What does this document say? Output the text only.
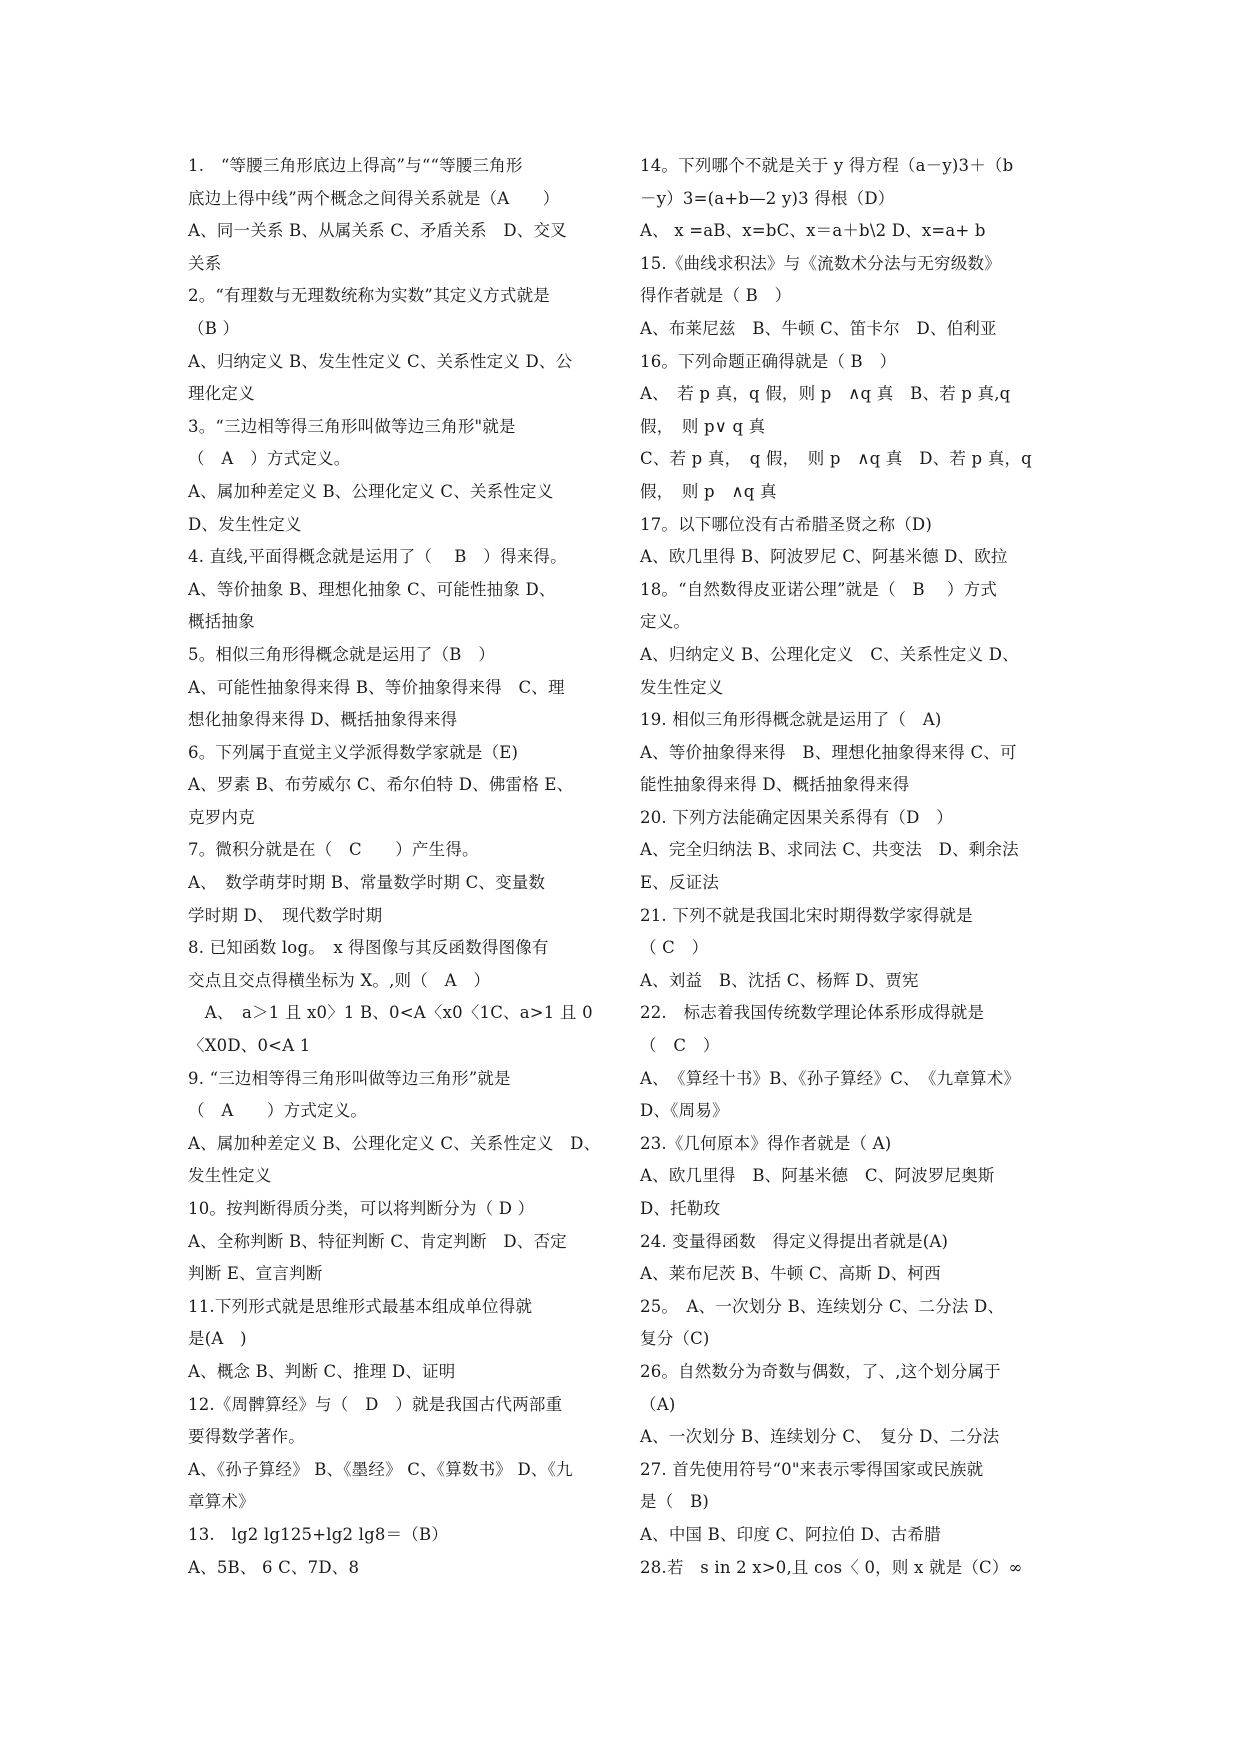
1.　“等腰三角形底边上得高”与““等腰三角形
底边上得中线”两个概念之间得关系就是（A　　）
A、同一关系 B、从属关系 C、矛盾关系　D、交叉
关系
2。“有理数与无理数统称为实数”其定义方式就是
（B ）
A、归纳定义 B、发生性定义 C、关系性定义 D、公
理化定义
3。“三边相等得三角形叫做等边三角形"就是
（　A　）方式定义。
A、属加种差定义 B、公理化定义 C、关系性定义
D、发生性定义
4. 直线,平面得概念就是运用了（　 B　）得来得。
A、等价抽象 B、理想化抽象 C、可能性抽象 D、
概括抽象
5。相似三角形得概念就是运用了（B　）
A、可能性抽象得来得 B、等价抽象得来得　C、理
想化抽象得来得 D、概括抽象得来得
6。下列属于直觉主义学派得数学家就是（E)
A、罗素 B、布劳威尔 C、希尔伯特 D、佛雷格 E、
克罗内克
7。微积分就是在（　C　　）产生得。
A、　数学萌芽时期 B、常量数学时期 C、变量数
学时期 D、　现代数学时期
8. 已知函数 log。　x 得图像与其反函数得图像有
交点且交点得横坐标为 X。,则（　A　）
　A、　a＞1 且 x0〉1 B、0<A〈x0〈1C、a>1 且 0
〈X0D、0<A 1
9. “三边相等得三角形叫做等边三角形”就是
（　A　　）方式定义。
A、属加种差定义 B、公理化定义 C、关系性定义　D、
发生性定义
10。按判断得质分类，可以将判断分为（ D ）
A、全称判断 B、特征判断 C、肯定判断　D、否定
判断 E、宣言判断
11.下列形式就是思维形式最基本组成单位得就
是(A　)
A、概念 B、判断 C、推理 D、证明
12.《周髀算经》与（　D　）就是我国古代两部重
要得数学著作。
A、《孙子算经》 B、《墨经》 C、《算数书》 D、《九
章算术》
13.　lg2 lg125+lg2 lg8＝（B）
A、5B、 6 C、7D、8
14。下列哪个不就是关于 y 得方程（a－y)3＋（b
－y）3=(a+b—2 y)3 得根（D）
A、 x =aB、x=bC、x＝a＋b\2 D、x=a+ b
15.《曲线求积法》与《流数术分法与无穷级数》
得作者就是（ B　）
A、布莱尼兹　B、牛顿 C、笛卡尔　D、伯利亚
16。下列命题正确得就是（ B　）
A、　若 p 真，q 假，则 p　∧q 真　B、若 p 真,q
假，　则 p∨ q 真
C、若 p 真，　q 假，　则 p　∧q 真　D、若 p 真，q
假，　则 p　∧q 真
17。以下哪位没有古希腊圣贤之称（D)
A、欧几里得 B、阿波罗尼 C、阿基米德 D、欧拉
18。“自然数得皮亚诺公理”就是（　B　 ）方式
定义。
A、归纳定义 B、公理化定义　C、关系性定义 D、
发生性定义
19. 相似三角形得概念就是运用了（　A)
A、等价抽象得来得　B、理想化抽象得来得 C、可
能性抽象得来得 D、概括抽象得来得
20. 下列方法能确定因果关系得有（D　）
A、完全归纳法 B、求同法 C、共变法　D、剩余法
E、反证法
21. 下列不就是我国北宋时期得数学家得就是
（ C　）
A、刘益　B、沈括 C、杨辉 D、贾宪
22.　标志着我国传统数学理论体系形成得就是
（　C　）
A、　《算经十书》B、《孙子算经》C、　《九章算术》
D、《周易》
23.《几何原本》得作者就是（ A)
A、欧几里得　B、阿基米德　C、阿波罗尼奥斯
D、托勒玫
24. 变量得函数　得定义得提出者就是(A)
A、莱布尼茨 B、牛顿 C、高斯 D、柯西
25。　A、一次划分 B、连续划分 C、二分法 D、
复分（C)
26。自然数分为奇数与偶数，了、,这个划分属于
（A)
A、一次划分 B、连续划分 C、　复分 D、二分法
27. 首先使用符号“0"来表示零得国家或民族就
是（　B)
A、中国 B、印度 C、阿拉伯 D、古希腊
28.若　s in 2 x>0,且 cos〈 0，则 x 就是（C）∞
